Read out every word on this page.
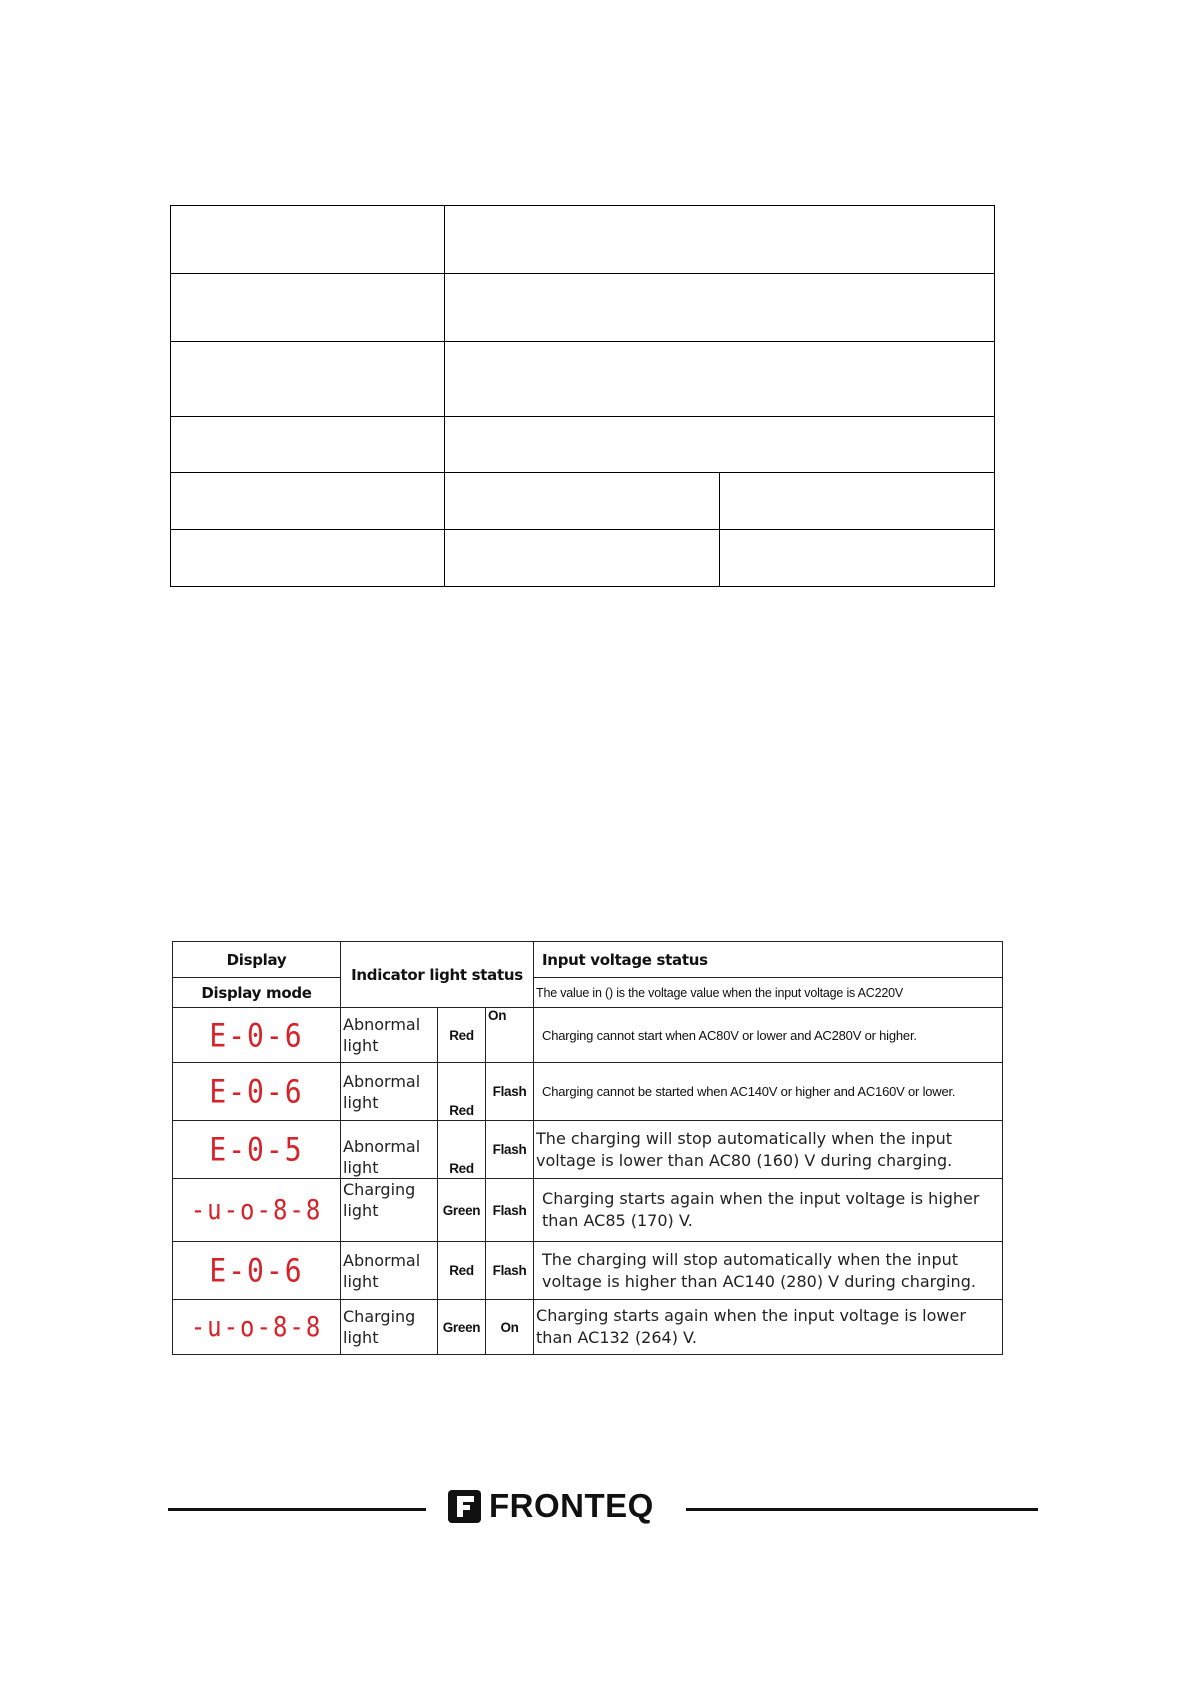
Display	Indicator light status			Input voltage status
Display mode				The value in () is the voltage value when the input voltage is AC220V
E-0-6	Abnormal light	Red	On	Charging cannot start when AC80V or lower and AC280V or higher.
E-0-6	Abnormal light	Red	Flash	Charging cannot be started when AC140V or higher and AC160V or lower.
E-0-5	Abnormal light	Red	Flash	The charging will stop automatically when the input voltage is lower than AC80 (160) V during charging.
-u-o-8-8	Charging light	Green	Flash	Charging starts again when the input voltage is higher than AC85 (170) V.
E-0-6	Abnormal light	Red	Flash	The charging will stop automatically when the input voltage is higher than AC140 (280) V during charging.
-u-o-8-8	Charging light	Green	On	Charging starts again when the input voltage is lower than AC132 (264) V.
FRONTEQ
